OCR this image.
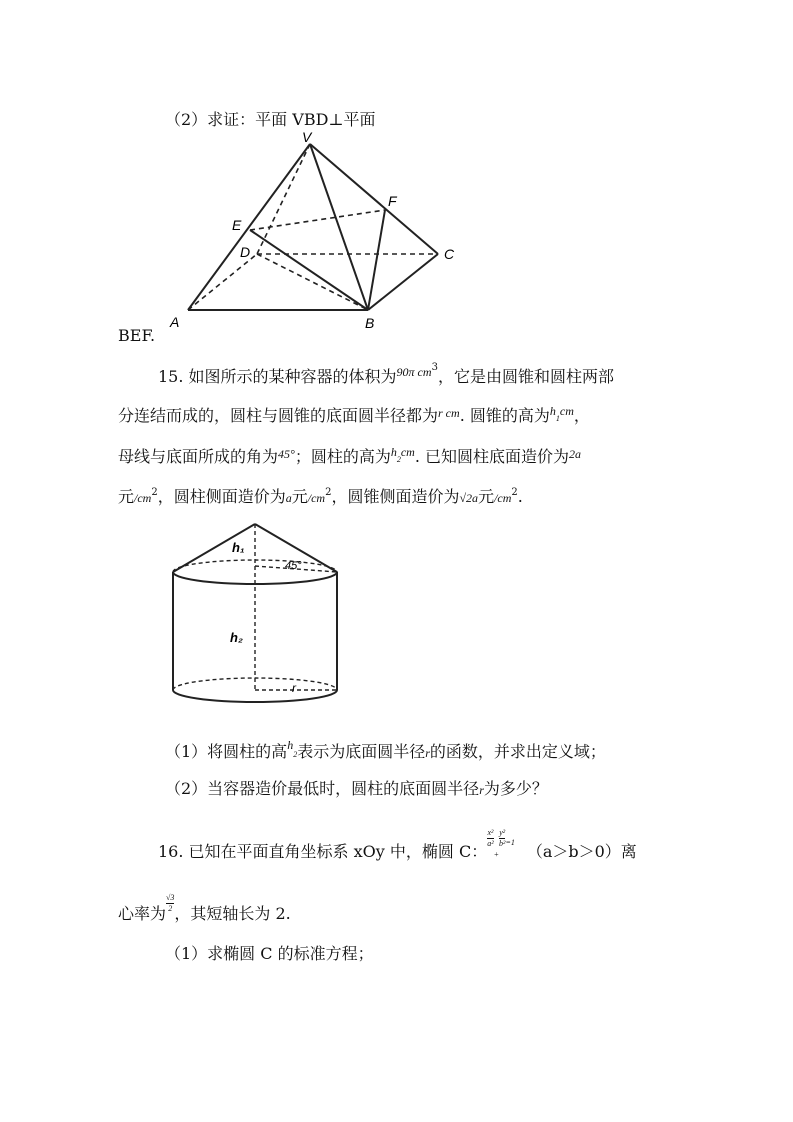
（2）求证：平面 VBD⊥平面
V
E
F
D	C
A	B
BEF.
15. 如图所示的某种容器的体积为$^{90\pi cm3}$，它是由圆锥和圆柱两部
分连结而成的，圆柱与圆锥的底面圆半径都为$^{r cm}$. 圆锥的高为$^h1^{cm}$，
母线与底面所成的角为$^{45^\circ}$；圆柱的高为$^h2^{cm}$. 已知圆柱底面造价为$^{2a}$
元$/cm^2$，圆柱侧面造价为a元$/cm^2$，圆锥侧面造价为√2a元$/cm^2$.
h₁
45°
h₂
r
（1）将圆柱的高$^h$2表示为底面圆半径r的函数，并求出定义域；
（2）当容器造价最低时，圆柱的底面圆半径r为多少？
16. 已知在平面直角坐标系 xOy 中，椭圆 C：
$\frac{\text{x²}}{\text{a²}}$
+
$\frac{\text{y²}}{\text{b²}} ^{=1}$ （a＞b＞0）离
心率为
$\frac{√3}{2}$
，其短轴长为 2.
（1）求椭圆 C 的标准方程；
